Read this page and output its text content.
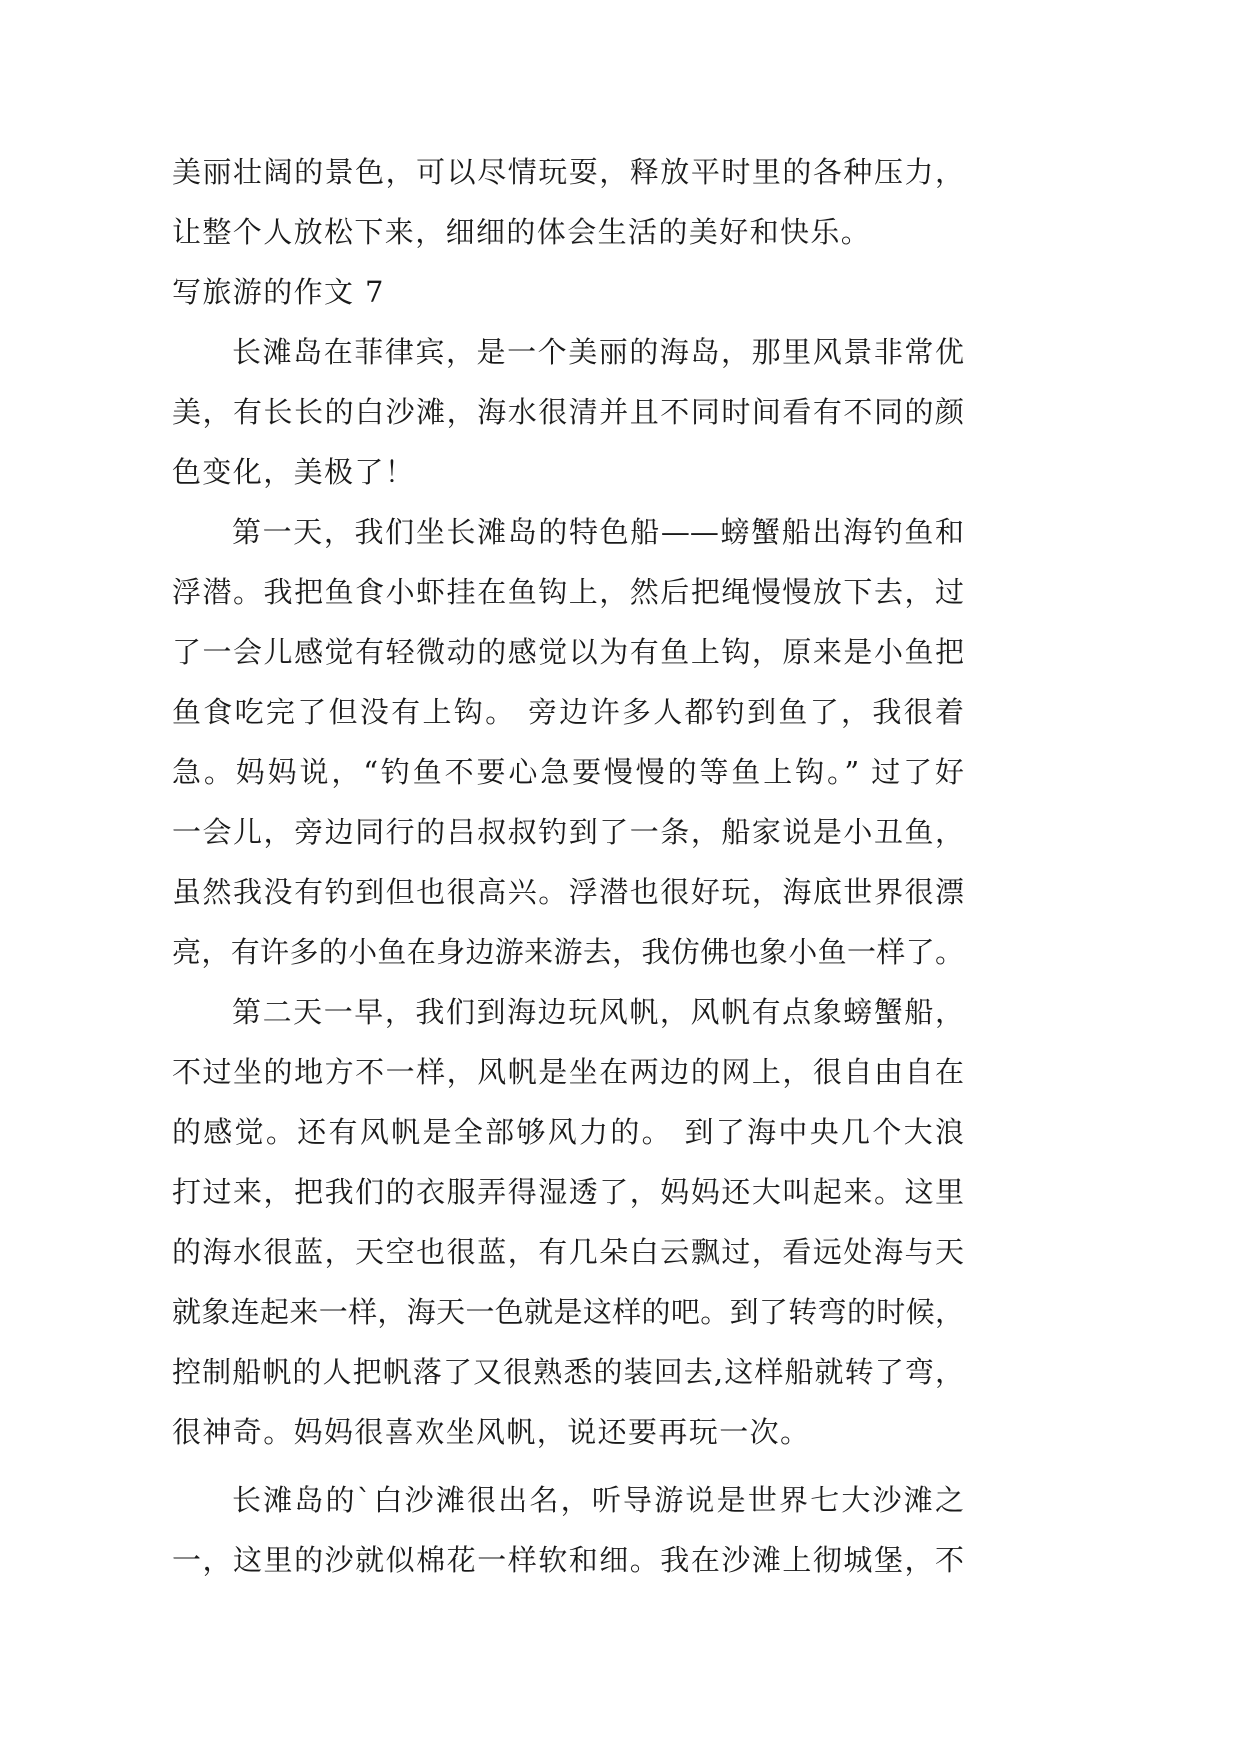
美丽壮阔的景色，可以尽情玩耍，释放平时里的各种压力，
让整个人放松下来，细细的体会生活的美好和快乐。
写旅游的作文 7
长滩岛在菲律宾，是一个美丽的海岛，那里风景非常优
美，有长长的白沙滩，海水很清并且不同时间看有不同的颜
色变化，美极了！
第一天，我们坐长滩岛的特色船——螃蟹船出海钓鱼和
浮潜。我把鱼食小虾挂在鱼钩上，然后把绳慢慢放下去，过
了一会儿感觉有轻微动的感觉以为有鱼上钩，原来是小鱼把
鱼食吃完了但没有上钩。 旁边许多人都钓到鱼了，我很着
急。妈妈说，“钓鱼不要心急要慢慢的等鱼上钩。” 过了好
一会儿，旁边同行的吕叔叔钓到了一条，船家说是小丑鱼，
虽然我没有钓到但也很高兴。浮潜也很好玩，海底世界很漂
亮，有许多的小鱼在身边游来游去，我仿佛也象小鱼一样了。
第二天一早，我们到海边玩风帆，风帆有点象螃蟹船，
不过坐的地方不一样，风帆是坐在两边的网上，很自由自在
的感觉。还有风帆是全部够风力的。 到了海中央几个大浪
打过来，把我们的衣服弄得湿透了，妈妈还大叫起来。这里
的海水很蓝，天空也很蓝，有几朵白云飘过，看远处海与天
就象连起来一样，海天一色就是这样的吧。到了转弯的时候，
控制船帆的人把帆落了又很熟悉的装回去,这样船就转了弯，
很神奇。妈妈很喜欢坐风帆，说还要再玩一次。
长滩岛的`白沙滩很出名，听导游说是世界七大沙滩之
一，这里的沙就似棉花一样软和细。我在沙滩上彻城堡，不
